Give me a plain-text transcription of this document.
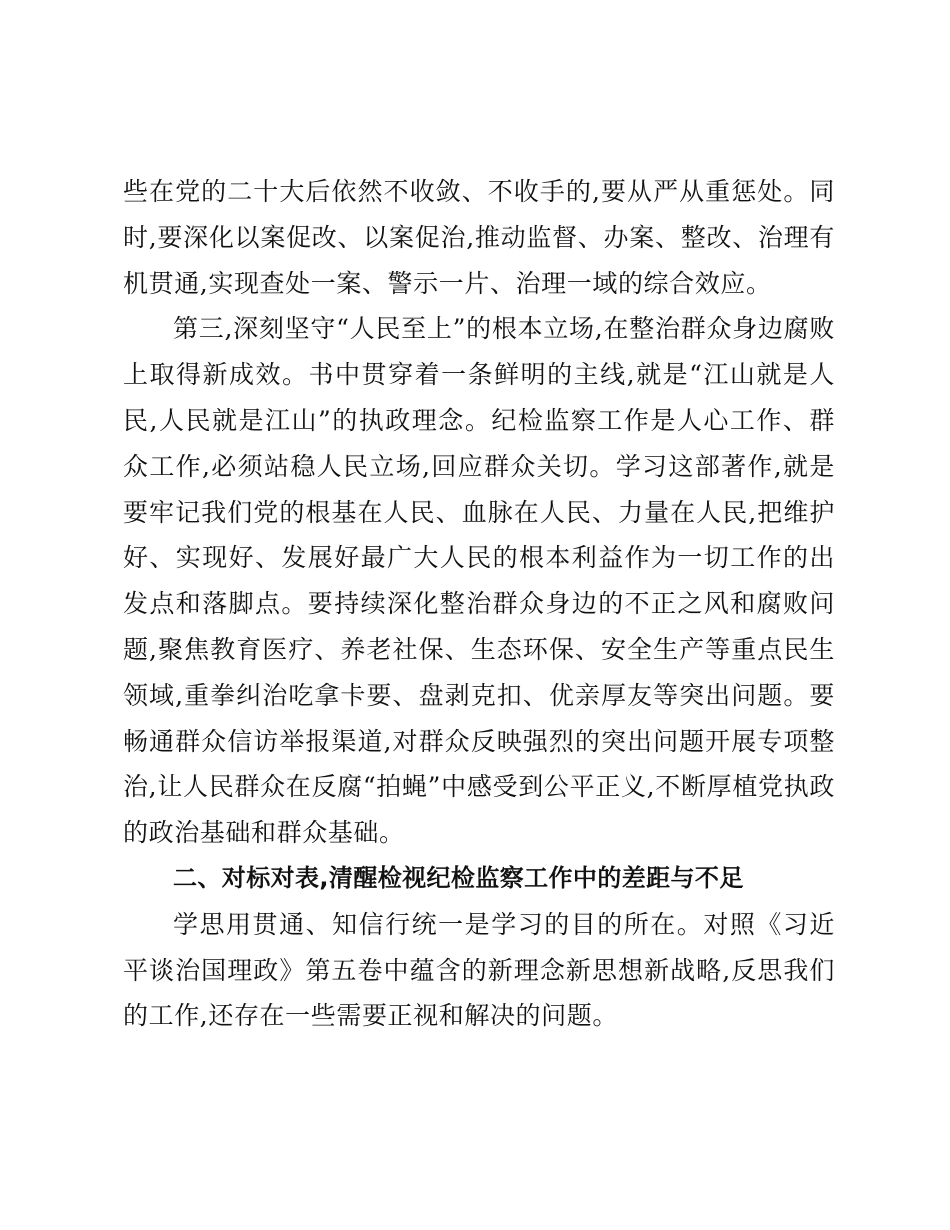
些在党的二十大后依然不收敛、不收手的,要从严从重惩处。同时,要深化以案促改、以案促治,推动监督、办案、整改、治理有机贯通,实现查处一案、警示一片、治理一域的综合效应。

第三,深刻坚守“人民至上”的根本立场,在整治群众身边腐败上取得新成效。书中贯穿着一条鲜明的主线,就是“江山就是人民,人民就是江山”的执政理念。纪检监察工作是人心工作、群众工作,必须站稳人民立场,回应群众关切。学习这部著作,就是要牢记我们党的根基在人民、血脉在人民、力量在人民,把维护好、实现好、发展好最广大人民的根本利益作为一切工作的出发点和落脚点。要持续深化整治群众身边的不正之风和腐败问题,聚焦教育医疗、养老社保、生态环保、安全生产等重点民生领域,重拳纠治吃拿卡要、盘剥克扣、优亲厚友等突出问题。要畅通群众信访举报渠道,对群众反映强烈的突出问题开展专项整治,让人民群众在反腐“拍蝇”中感受到公平正义,不断厚植党执政的政治基础和群众基础。

二、对标对表,清醒检视纪检监察工作中的差距与不足

学思用贯通、知信行统一是学习的目的所在。对照《习近平谈治国理政》第五卷中蕴含的新理念新思想新战略,反思我们的工作,还存在一些需要正视和解决的问题。
